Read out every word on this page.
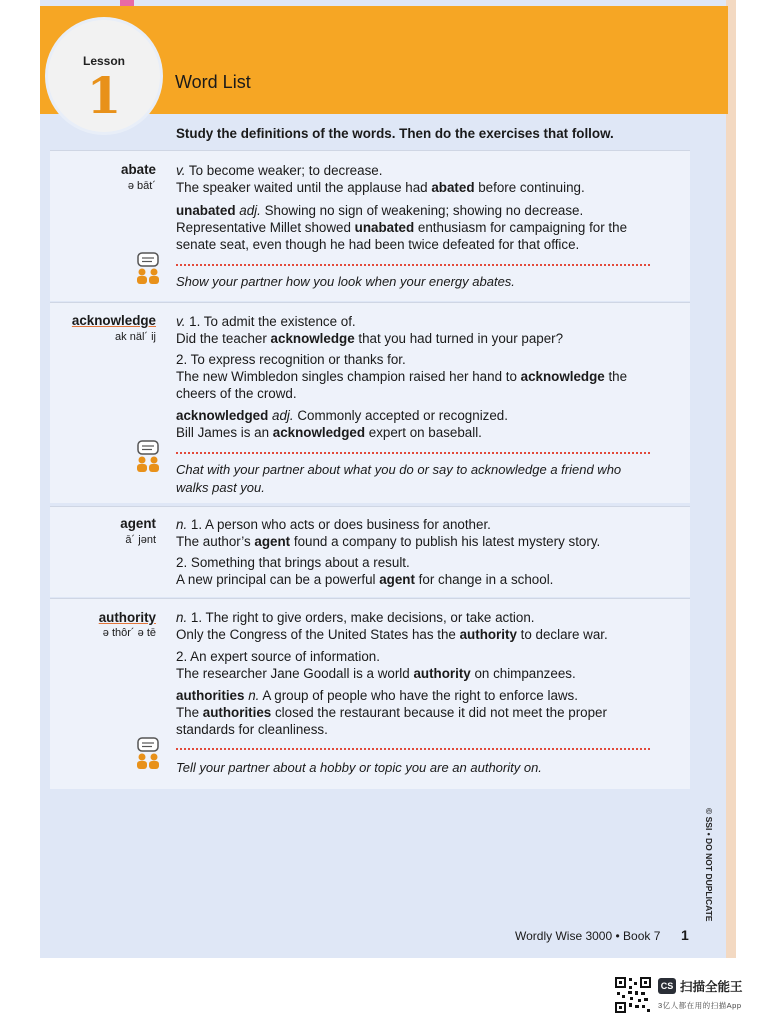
Lesson
1	Word List
Study the definitions of the words. Then do the exercises that follow.
abate
ə bāt´
v. To become weaker; to decrease.
The speaker waited until the applause had abated before continuing.
unabated adj. Showing no sign of weakening; showing no decrease.
Representative Millet showed unabated enthusiasm for campaigning for the
senate seat, even though he had been twice defeated for that office.
Show your partner how you look when your energy abates.
acknowledge
ak näl´ ij
v. 1. To admit the existence of.
Did the teacher acknowledge that you had turned in your paper?
2. To express recognition or thanks for.
The new Wimbledon singles champion raised her hand to acknowledge the
cheers of the crowd.
acknowledged adj. Commonly accepted or recognized.
Bill James is an acknowledged expert on baseball.
Chat with your partner about what you do or say to acknowledge a friend who
walks past you.
agent
ā´ jənt
n. 1. A person who acts or does business for another.
The author’s agent found a company to publish his latest mystery story.
2. Something that brings about a result.
A new principal can be a powerful agent for change in a school.
authority
ə thôr´ ə tē
n. 1. The right to give orders, make decisions, or take action.
Only the Congress of the United States has the authority to declare war.
2. An expert source of information.
The researcher Jane Goodall is a world authority on chimpanzees.
authorities n. A group of people who have the right to enforce laws.
The authorities closed the restaurant because it did not meet the proper
standards for cleanliness.
Tell your partner about a hobby or topic you are an authority on.
© SSI • DO NOT DUPLICATE
Wordly Wise 3000 • Book 7 1
CS 扫描全能王
3亿人都在用的扫描App
